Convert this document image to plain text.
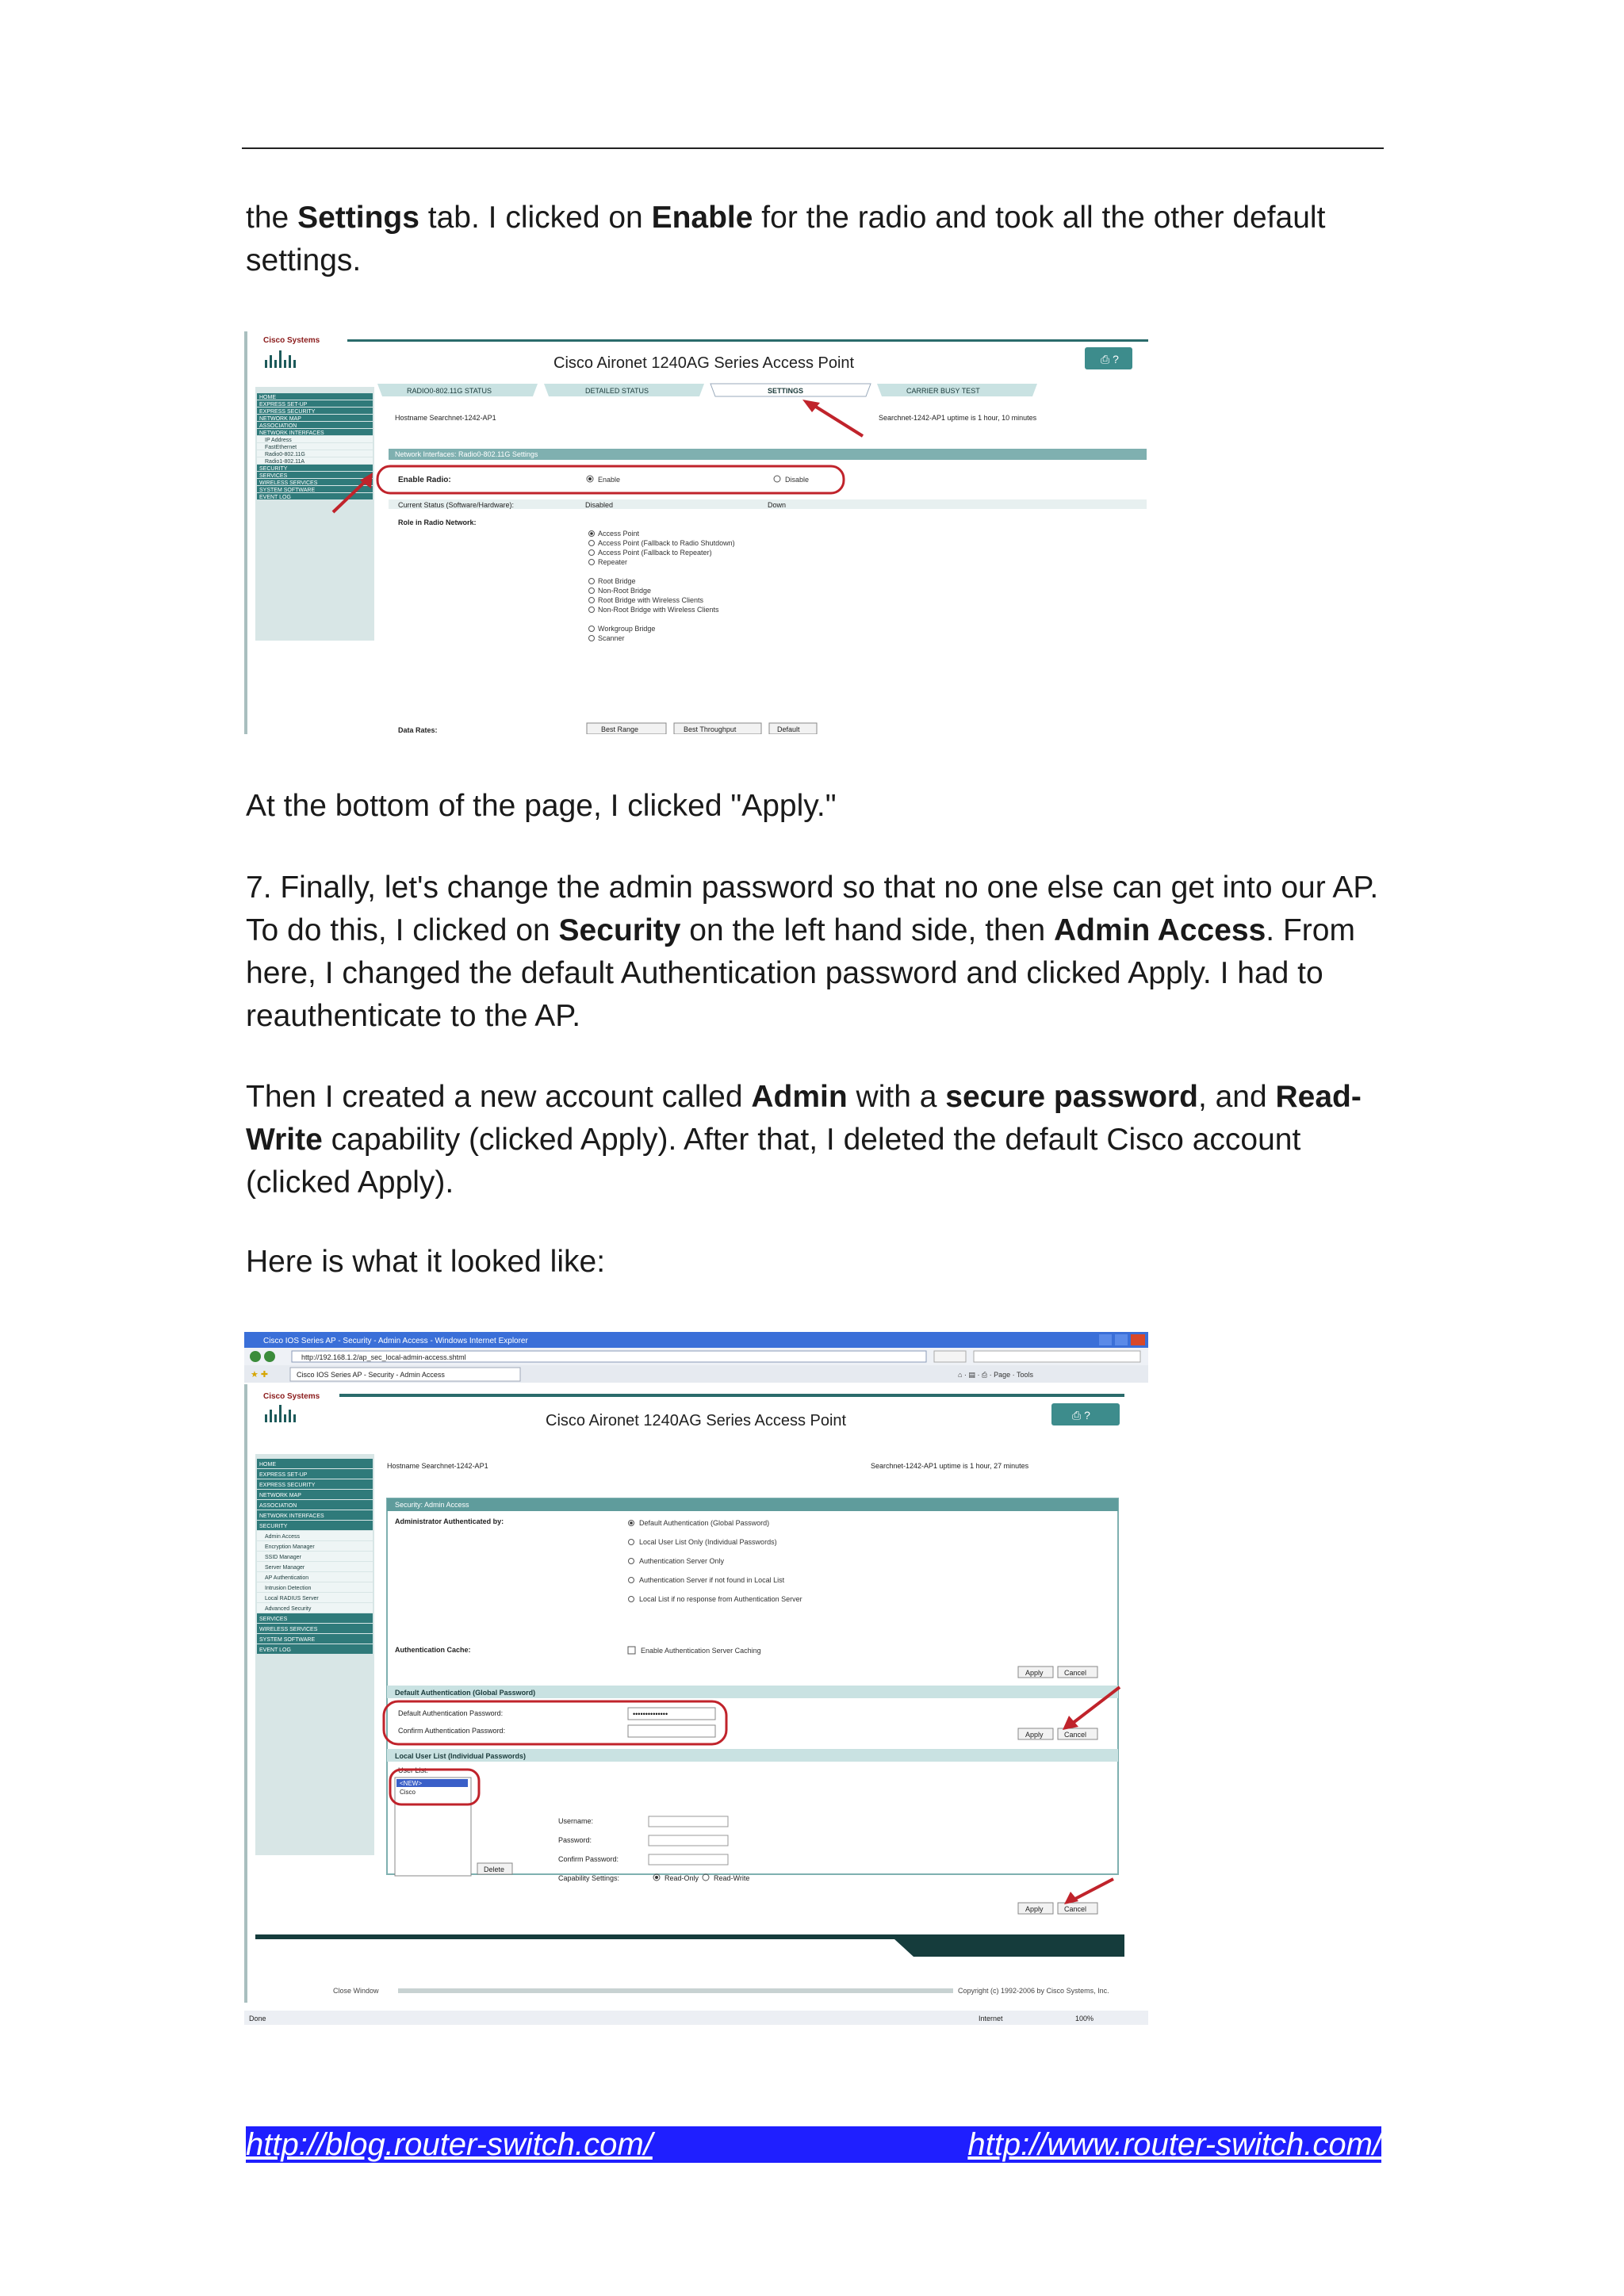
the Settings tab. I clicked on Enable for the radio and took all the other default settings.

Cisco Systems
Cisco Aironet 1240AG Series Access Point	⎙ ?
RADIO0-802.11G STATUS	DETAILED STATUS	SETTINGS	CARRIER BUSY TEST
HOME
EXPRESS SET-UP
EXPRESS SECURITY
NETWORK MAP
ASSOCIATION
NETWORK INTERFACES
IP Address
FastEthernet
Radio0-802.11G
Radio1-802.11A
SECURITY
SERVICES
WIRELESS SERVICES
SYSTEM SOFTWARE
EVENT LOG
Hostname Searchnet-1242-AP1	Searchnet-1242-AP1 uptime is 1 hour, 10 minutes
Network Interfaces: Radio0-802.11G Settings
Enable Radio:	Enable	Disable
Current Status (Software/Hardware):	Disabled	Down
Role in Radio Network:
Access Point
Access Point (Fallback to Radio Shutdown)
Access Point (Fallback to Repeater)
Repeater
Root Bridge
Non-Root Bridge
Root Bridge with Wireless Clients
Non-Root Bridge with Wireless Clients
Workgroup Bridge
Scanner
Data Rates:	Best Range	Best Throughput	Default

At the bottom of the page, I clicked "Apply."

7. Finally, let's change the admin password so that no one else can get into our AP. To do this, I clicked on Security on the left hand side, then Admin Access. From here, I changed the default Authentication password and clicked Apply. I had to reauthenticate to the AP.

Then I created a new account called Admin with a secure password, and Read-Write capability (clicked Apply). After that, I deleted the default Cisco account (clicked Apply).

Here is what it looked like:

Cisco IOS Series AP - Security - Admin Access - Windows Internet Explorer
http://192.168.1.2/ap_sec_local-admin-access.shtml
★ ✚	Cisco IOS Series AP - Security - Admin Access	⌂ · ▤ · ⎙ · Page · Tools
Cisco Systems
Cisco Aironet 1240AG Series Access Point	⎙ ?
HOME
EXPRESS SET-UP
EXPRESS SECURITY
NETWORK MAP
ASSOCIATION
NETWORK INTERFACES
SECURITY
Admin Access
Encryption Manager
SSID Manager
Server Manager
AP Authentication
Intrusion Detection
Local RADIUS Server
Advanced Security
SERVICES
WIRELESS SERVICES
SYSTEM SOFTWARE
EVENT LOG
Hostname Searchnet-1242-AP1	Searchnet-1242-AP1 uptime is 1 hour, 27 minutes
Security: Admin Access
Administrator Authenticated by:	Default Authentication (Global Password)
Local User List Only (Individual Passwords)
Authentication Server Only
Authentication Server if not found in Local List
Local List if no response from Authentication Server
Authentication Cache:	Enable Authentication Server Caching
Apply	Cancel
Default Authentication (Global Password)
Default Authentication Password:	••••••••••••••
Confirm Authentication Password:	Apply	Cancel
Local User List (Individual Passwords)
User List:
<NEW>
Cisco
Delete
Username:
Password:
Confirm Password:
Capability Settings:	Read-Only Read-Write
Apply	Cancel
Close Window	Copyright (c) 1992-2006 by Cisco Systems, Inc.
Done	Internet	100%
http://blog.router-switch.com/	http://www.router-switch.com/
